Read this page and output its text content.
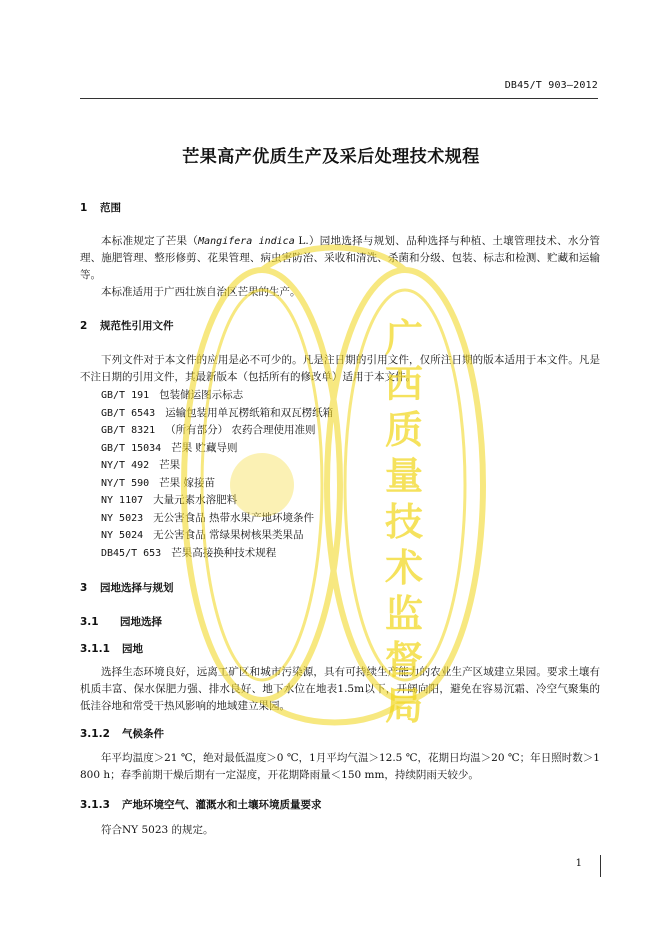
DB45/T 903—2012
芒果高产优质生产及采后处理技术规程
1 范围
本标准规定了芒果（Mangifera indica L.）园地选择与规划、品种选择与种植、土壤管理技术、水分管理、施肥管理、整形修剪、花果管理、病虫害防治、采收和清洗、杀菌和分级、包装、标志和检测、贮藏和运输等。
本标准适用于广西壮族自治区芒果的生产。
2 规范性引用文件
下列文件对于本文件的应用是必不可少的。凡是注日期的引用文件，仅所注日期的版本适用于本文件。凡是不注日期的引用文件，其最新版本（包括所有的修改单）适用于本文件。
GB/T 191 包装储运图示标志
GB/T 6543 运输包装用单瓦楞纸箱和双瓦楞纸箱
GB/T 8321 （所有部分） 农药合理使用准则
GB/T 15034 芒果 贮藏导则
NY/T 492 芒果
NY/T 590 芒果 嫁接苗
NY 1107 大量元素水溶肥料
NY 5023 无公害食品 热带水果产地环境条件
NY 5024 无公害食品 常绿果树核果类果品
DB45/T 653 芒果高接换种技术规程
3 园地选择与规划
3.1 园地选择
3.1.1 园地
选择生态环境良好，远离工矿区和城市污染源，具有可持续生产能力的农业生产区域建立果园。要求土壤有机质丰富、保水保肥力强、排水良好、地下水位在地表1.5m以下，开阔向阳，避免在容易沉霜、冷空气聚集的低洼谷地和常受干热风影响的地域建立果园。
3.1.2 气候条件
年平均温度＞21 ℃，绝对最低温度＞0 ℃，1月平均气温＞12.5 ℃，花期日均温＞20 ℃；年日照时数＞1 800 h；春季前期干燥后期有一定湿度，开花期降雨量＜150 mm，持续阴雨天较少。
3.1.3 产地环境空气、灌溉水和土壤环境质量要求
符合NY 5023 的规定。
1
广西质量技术监督局
